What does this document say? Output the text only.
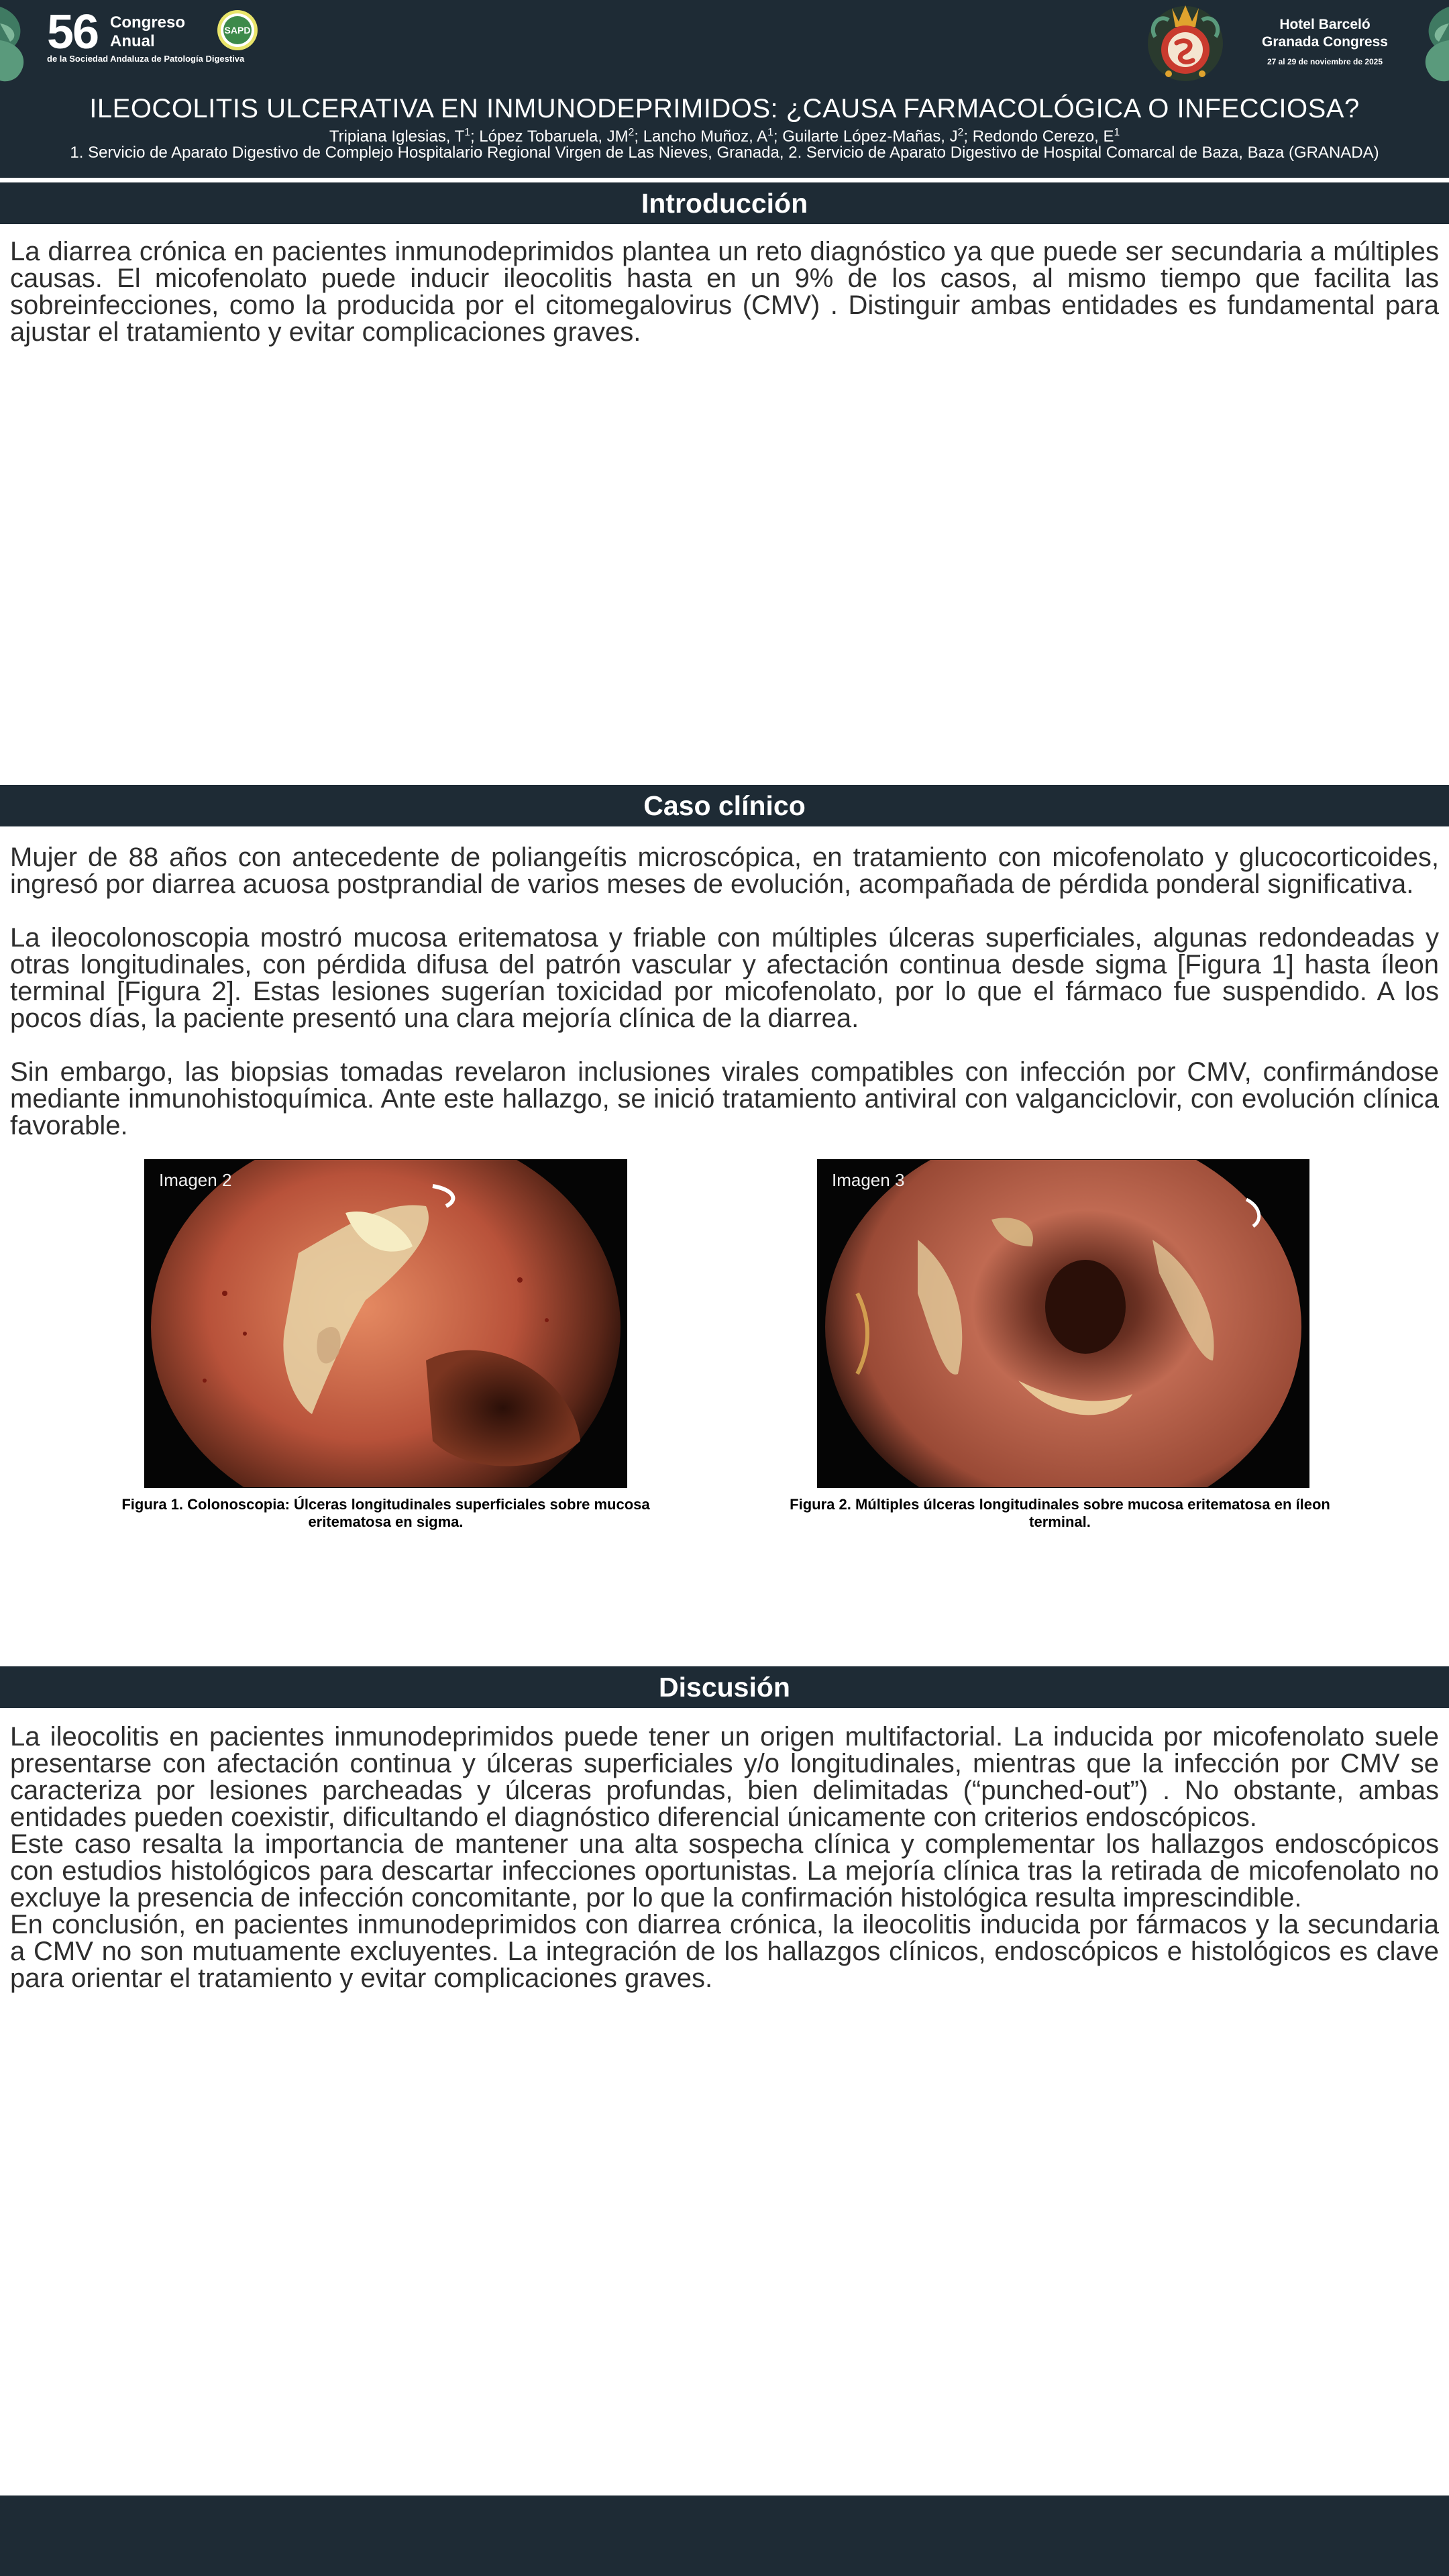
56 Congreso Anual
de la Sociedad Andaluza de Patología Digestiva
SAPD	Hotel Barceló
Granada Congress
27 al 29 de noviembre de 2025
ILEOCOLITIS ULCERATIVA EN INMUNODEPRIMIDOS: ¿CAUSA FARMACOLÓGICA O INFECCIOSA?
Tripiana Iglesias, $T^1$; López Tobaruela, $JM^2$; Lancho Muñoz, $A^1$; Guilarte López-Mañas, $J^2$; Redondo Cerezo, $E^1$
1. Servicio de Aparato Digestivo de Complejo Hospitalario Regional Virgen de Las Nieves, Granada, 2. Servicio de Aparato Digestivo de Hospital Comarcal de Baza, Baza (GRANADA)
Introducción

La diarrea crónica en pacientes inmunodeprimidos plantea un reto diagnóstico ya que puede ser secundaria a múltiples causas. El micofenolato puede inducir ileocolitis hasta en un 9% de los casos, al mismo tiempo que facilita las sobreinfecciones, como la producida por el citomegalovirus (CMV) . Distinguir ambas entidades es fundamental para ajustar el tratamiento y evitar complicaciones graves.

Caso clínico

Mujer de 88 años con antecedente de poliangeítis microscópica, en tratamiento con micofenolato y glucocorticoides, ingresó por diarrea acuosa postprandial de varios meses de evolución, acompañada de pérdida ponderal significativa.

La ileocolonoscopia mostró mucosa eritematosa y friable con múltiples úlceras superficiales, algunas redondeadas y otras longitudinales, con pérdida difusa del patrón vascular y afectación continua desde sigma [Figura 1] hasta íleon terminal [Figura 2]. Estas lesiones sugerían toxicidad por micofenolato, por lo que el fármaco fue suspendido. A los pocos días, la paciente presentó una clara mejoría clínica de la diarrea.

Sin embargo, las biopsias tomadas revelaron inclusiones virales compatibles con infección por CMV, confirmándose mediante inmunohistoquímica. Ante este hallazgo, se inició tratamiento antiviral con valganciclovir, con evolución clínica favorable.

Imagen 2
Figura 1. Colonoscopia: Úlceras longitudinales superficiales sobre mucosa eritematosa en sigma.
Imagen 3
Figura 2. Múltiples úlceras longitudinales sobre mucosa eritematosa en íleon terminal.
Discusión

La ileocolitis en pacientes inmunodeprimidos puede tener un origen multifactorial. La inducida por micofenolato suele presentarse con afectación continua y úlceras superficiales y/o longitudinales, mientras que la infección por CMV se caracteriza por lesiones parcheadas y úlceras profundas, bien delimitadas (“punched-out”) . No obstante, ambas entidades pueden coexistir, dificultando el diagnóstico diferencial únicamente con criterios endoscópicos.

Este caso resalta la importancia de mantener una alta sospecha clínica y complementar los hallazgos endoscópicos con estudios histológicos para descartar infecciones oportunistas. La mejoría clínica tras la retirada de micofenolato no excluye la presencia de infección concomitante, por lo que la confirmación histológica resulta imprescindible.

En conclusión, en pacientes inmunodeprimidos con diarrea crónica, la ileocolitis inducida por fármacos y la secundaria a CMV no son mutuamente excluyentes. La integración de los hallazgos clínicos, endoscópicos e histológicos es clave para orientar el tratamiento y evitar complicaciones graves.
